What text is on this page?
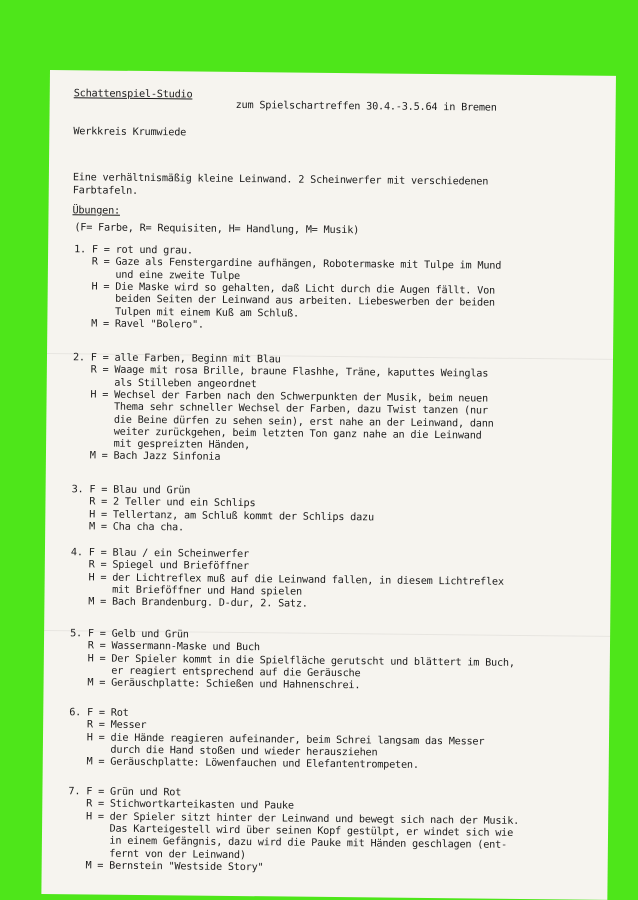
Schattenspiel-Studio
zum Spielschartreffen 30.4.-3.5.64 in Bremen
Werkkreis Krumwiede
Eine verhältnismäßig kleine Leinwand. 2 Scheinwerfer mit verschiedenen
Farbtafeln.
Übungen:
(F= Farbe, R= Requisiten, H= Handlung, M= Musik)
1. F = rot und grau.
R = Gaze als Fenstergardine aufhängen, Robotermaske mit Tulpe im Mund
und eine zweite Tulpe
H = Die Maske wird so gehalten, daß Licht durch die Augen fällt. Von
beiden Seiten der Leinwand aus arbeiten. Liebeswerben der beiden
Tulpen mit einem Kuß am Schluß.
M = Ravel "Bolero".
2. F = alle Farben, Beginn mit Blau
R = Waage mit rosa Brille, braune Flashhe, Träne, kaputtes Weinglas
als Stilleben angeordnet
H = Wechsel der Farben nach den Schwerpunkten der Musik, beim neuen
Thema sehr schneller Wechsel der Farben, dazu Twist tanzen (nur
die Beine dürfen zu sehen sein), erst nahe an der Leinwand, dann
weiter zurückgehen, beim letzten Ton ganz nahe an die Leinwand
mit gespreizten Händen,
M = Bach Jazz Sinfonia
3. F = Blau und Grün
R = 2 Teller und ein Schlips
H = Tellertanz, am Schluß kommt der Schlips dazu
M = Cha cha cha.
4. F = Blau / ein Scheinwerfer
R = Spiegel und Brieföffner
H = der Lichtreflex muß auf die Leinwand fallen, in diesem Lichtreflex
mit Brieföffner und Hand spielen
M = Bach Brandenburg. D-dur, 2. Satz.
5. F = Gelb und Grün
R = Wassermann-Maske und Buch
H = Der Spieler kommt in die Spielfläche gerutscht und blättert im Buch,
er reagiert entsprechend auf die Geräusche
M = Geräuschplatte: Schießen und Hahnenschrei.
6. F = Rot
R = Messer
H = die Hände reagieren aufeinander, beim Schrei langsam das Messer
durch die Hand stoßen und wieder herausziehen
M = Geräuschplatte: Löwenfauchen und Elefantentrompeten.
7. F = Grün und Rot
R = Stichwortkarteikasten und Pauke
H = der Spieler sitzt hinter der Leinwand und bewegt sich nach der Musik.
Das Karteigestell wird über seinen Kopf gestülpt, er windet sich wie
in einem Gefängnis, dazu wird die Pauke mit Händen geschlagen (ent-
fernt von der Leinwand)
M = Bernstein "Westside Story"
